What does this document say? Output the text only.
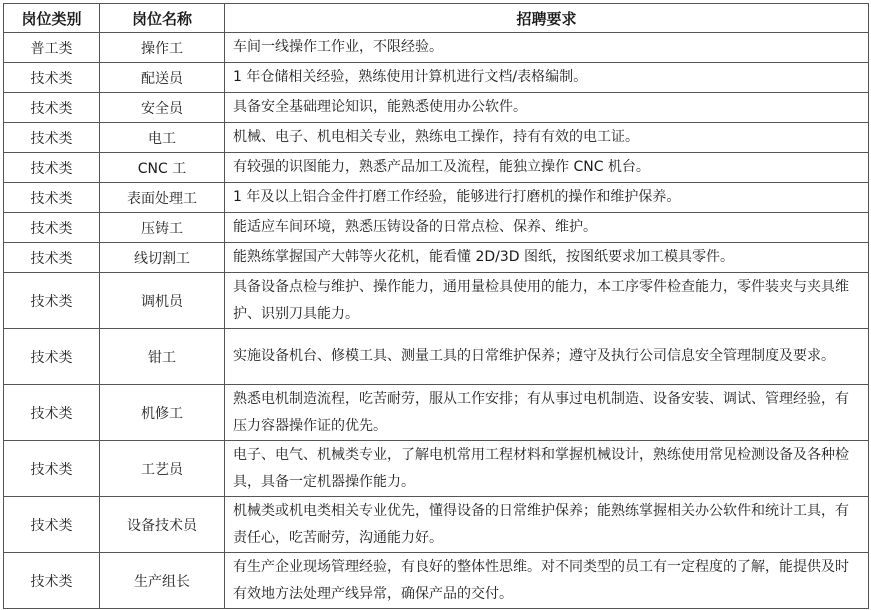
岗位类别	岗位名称	招聘要求
普工类	操作工	车间一线操作工作业，不限经验。
技术类	配送员	1 年仓储相关经验，熟练使用计算机进行文档/表格编制。
技术类	安全员	具备安全基础理论知识，能熟悉使用办公软件。
技术类	电工	机械、电子、机电相关专业，熟练电工操作，持有有效的电工证。
技术类	CNC 工	有较强的识图能力，熟悉产品加工及流程，能独立操作 CNC 机台。
技术类	表面处理工	1 年及以上铝合金件打磨工作经验，能够进行打磨机的操作和维护保养。
技术类	压铸工	能适应车间环境，熟悉压铸设备的日常点检、保养、维护。
技术类	线切割工	能熟练掌握国产大韩等火花机，能看懂 2D/3D 图纸，按图纸要求加工模具零件。
技术类	调机员	具备设备点检与维护、操作能力，通用量检具使用的能力，本工序零件检查能力，零件装夹与夹具维护、识别刀具能力。
技术类	钳工	实施设备机台、修模工具、测量工具的日常维护保养；遵守及执行公司信息安全管理制度及要求。
技术类	机修工	熟悉电机制造流程，吃苦耐劳，服从工作安排；有从事过电机制造、设备安装、调试、管理经验，有压力容器操作证的优先。
技术类	工艺员	电子、电气、机械类专业，了解电机常用工程材料和掌握机械设计，熟练使用常见检测设备及各种检具，具备一定机器操作能力。
技术类	设备技术员	机械类或机电类相关专业优先，懂得设备的日常维护保养；能熟练掌握相关办公软件和统计工具，有责任心，吃苦耐劳，沟通能力好。
技术类	生产组长	有生产企业现场管理经验，有良好的整体性思维。对不同类型的员工有一定程度的了解，能提供及时有效地方法处理产线异常，确保产品的交付。
